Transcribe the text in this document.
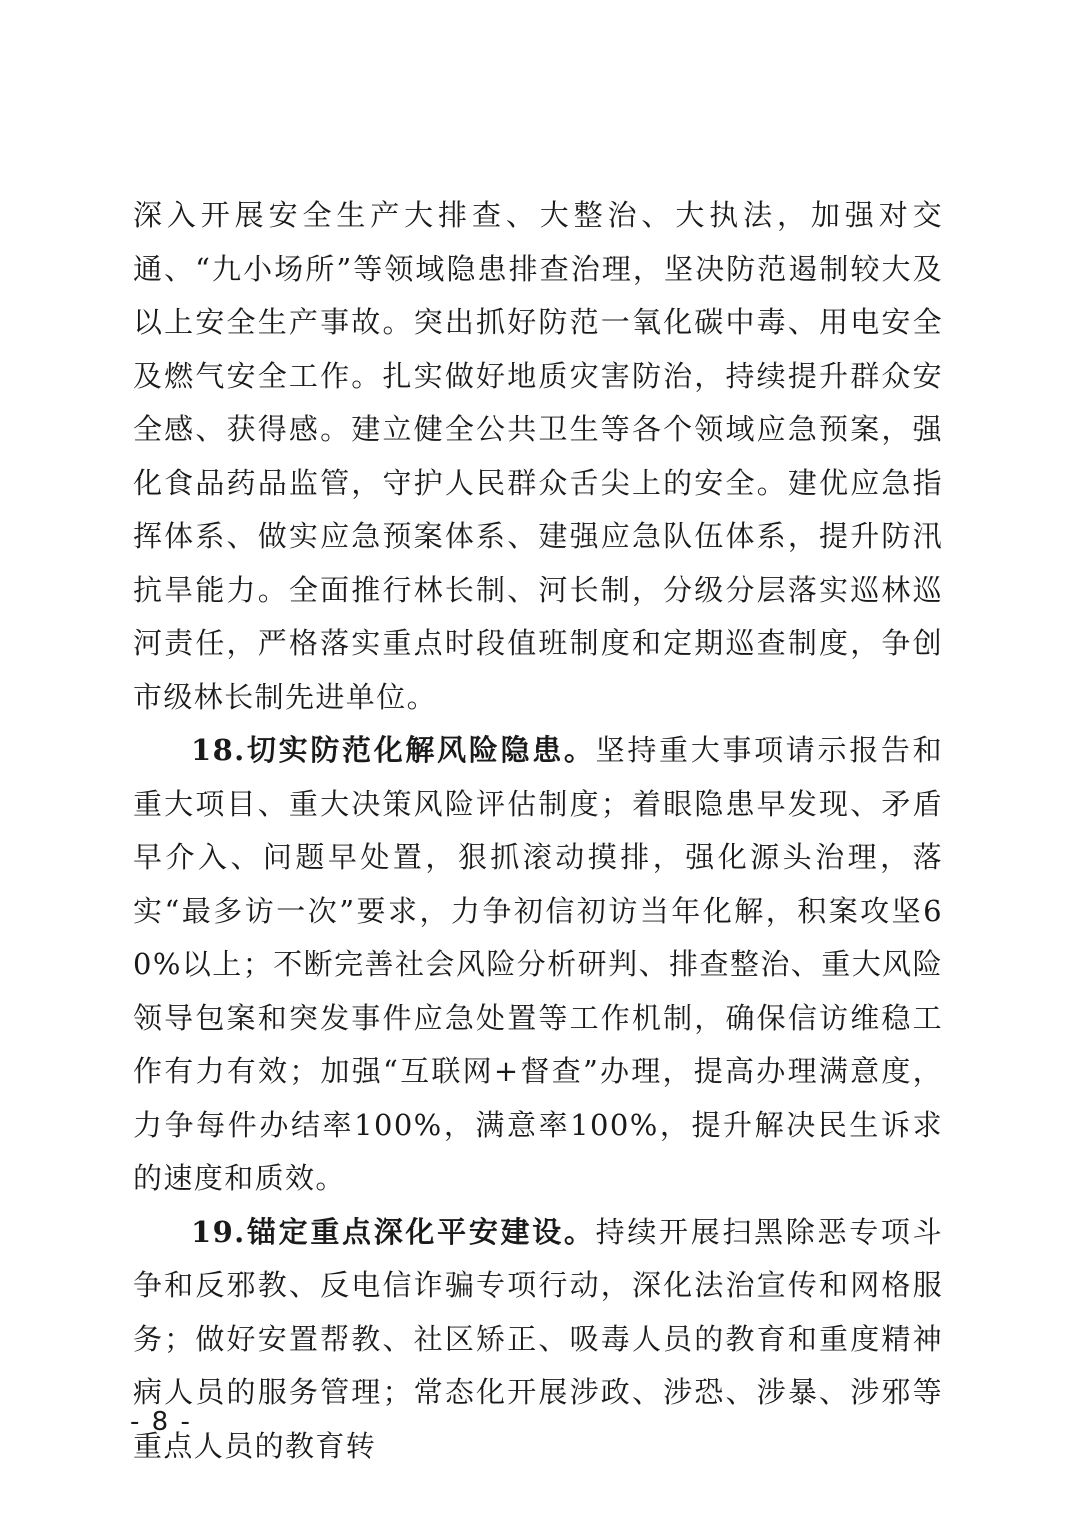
深入开展安全生产大排查、大整治、大执法，加强对交通、“九小场所”等领域隐患排查治理，坚决防范遏制较大及以上安全生产事故。突出抓好防范一氧化碳中毒、用电安全及燃气安全工作。扎实做好地质灾害防治，持续提升群众安全感、获得感。建立健全公共卫生等各个领域应急预案，强化食品药品监管，守护人民群众舌尖上的安全。建优应急指挥体系、做实应急预案体系、建强应急队伍体系，提升防汛抗旱能力。全面推行林长制、河长制，分级分层落实巡林巡河责任，严格落实重点时段值班制度和定期巡查制度，争创市级林长制先进单位。

18.切实防范化解风险隐患。坚持重大事项请示报告和重大项目、重大决策风险评估制度；着眼隐患早发现、矛盾早介入、问题早处置，狠抓滚动摸排，强化源头治理，落实“最多访一次”要求，力争初信初访当年化解，积案攻坚60%以上；不断完善社会风险分析研判、排查整治、重大风险领导包案和突发事件应急处置等工作机制，确保信访维稳工作有力有效；加强“互联网+督查”办理，提高办理满意度，力争每件办结率100%，满意率100%，提升解决民生诉求的速度和质效。

19.锚定重点深化平安建设。持续开展扫黑除恶专项斗争和反邪教、反电信诈骗专项行动，深化法治宣传和网格服务；做好安置帮教、社区矫正、吸毒人员的教育和重度精神病人员的服务管理；常态化开展涉政、涉恐、涉暴、涉邪等重点人员的教育转

- 8 -
